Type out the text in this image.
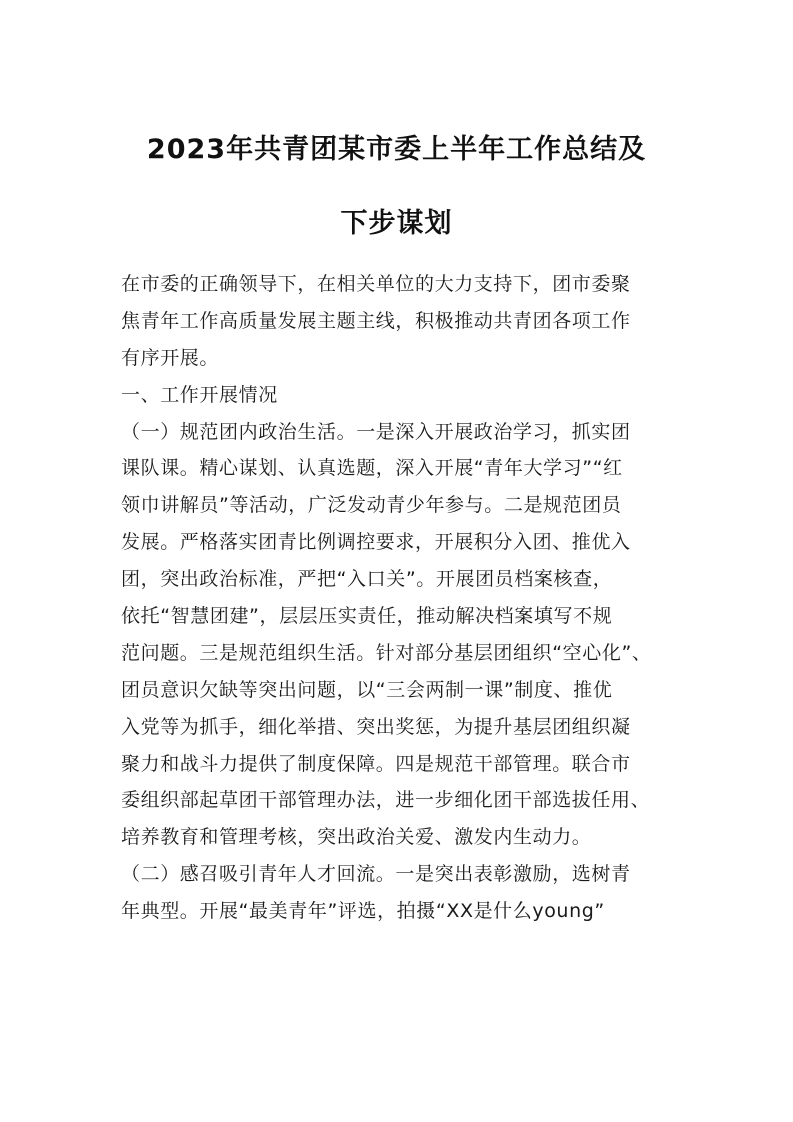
2023年共青团某市委上半年工作总结及
下步谋划
在市委的正确领导下，在相关单位的大力支持下，团市委聚
焦青年工作高质量发展主题主线，积极推动共青团各项工作
有序开展。
一、工作开展情况
（一）规范团内政治生活。一是深入开展政治学习，抓实团
课队课。精心谋划、认真选题，深入开展“青年大学习”“红
领巾讲解员”等活动，广泛发动青少年参与。二是规范团员
发展。严格落实团青比例调控要求，开展积分入团、推优入
团，突出政治标准，严把“入口关”。开展团员档案核查，
依托“智慧团建”，层层压实责任，推动解决档案填写不规
范问题。三是规范组织生活。针对部分基层团组织“空心化”、
团员意识欠缺等突出问题，以“三会两制一课”制度、推优
入党等为抓手，细化举措、突出奖惩，为提升基层团组织凝
聚力和战斗力提供了制度保障。四是规范干部管理。联合市
委组织部起草团干部管理办法，进一步细化团干部选拔任用、
培养教育和管理考核，突出政治关爱、激发内生动力。
（二）感召吸引青年人才回流。一是突出表彰激励，选树青
年典型。开展“最美青年”评选，拍摄“XX是什么young”
